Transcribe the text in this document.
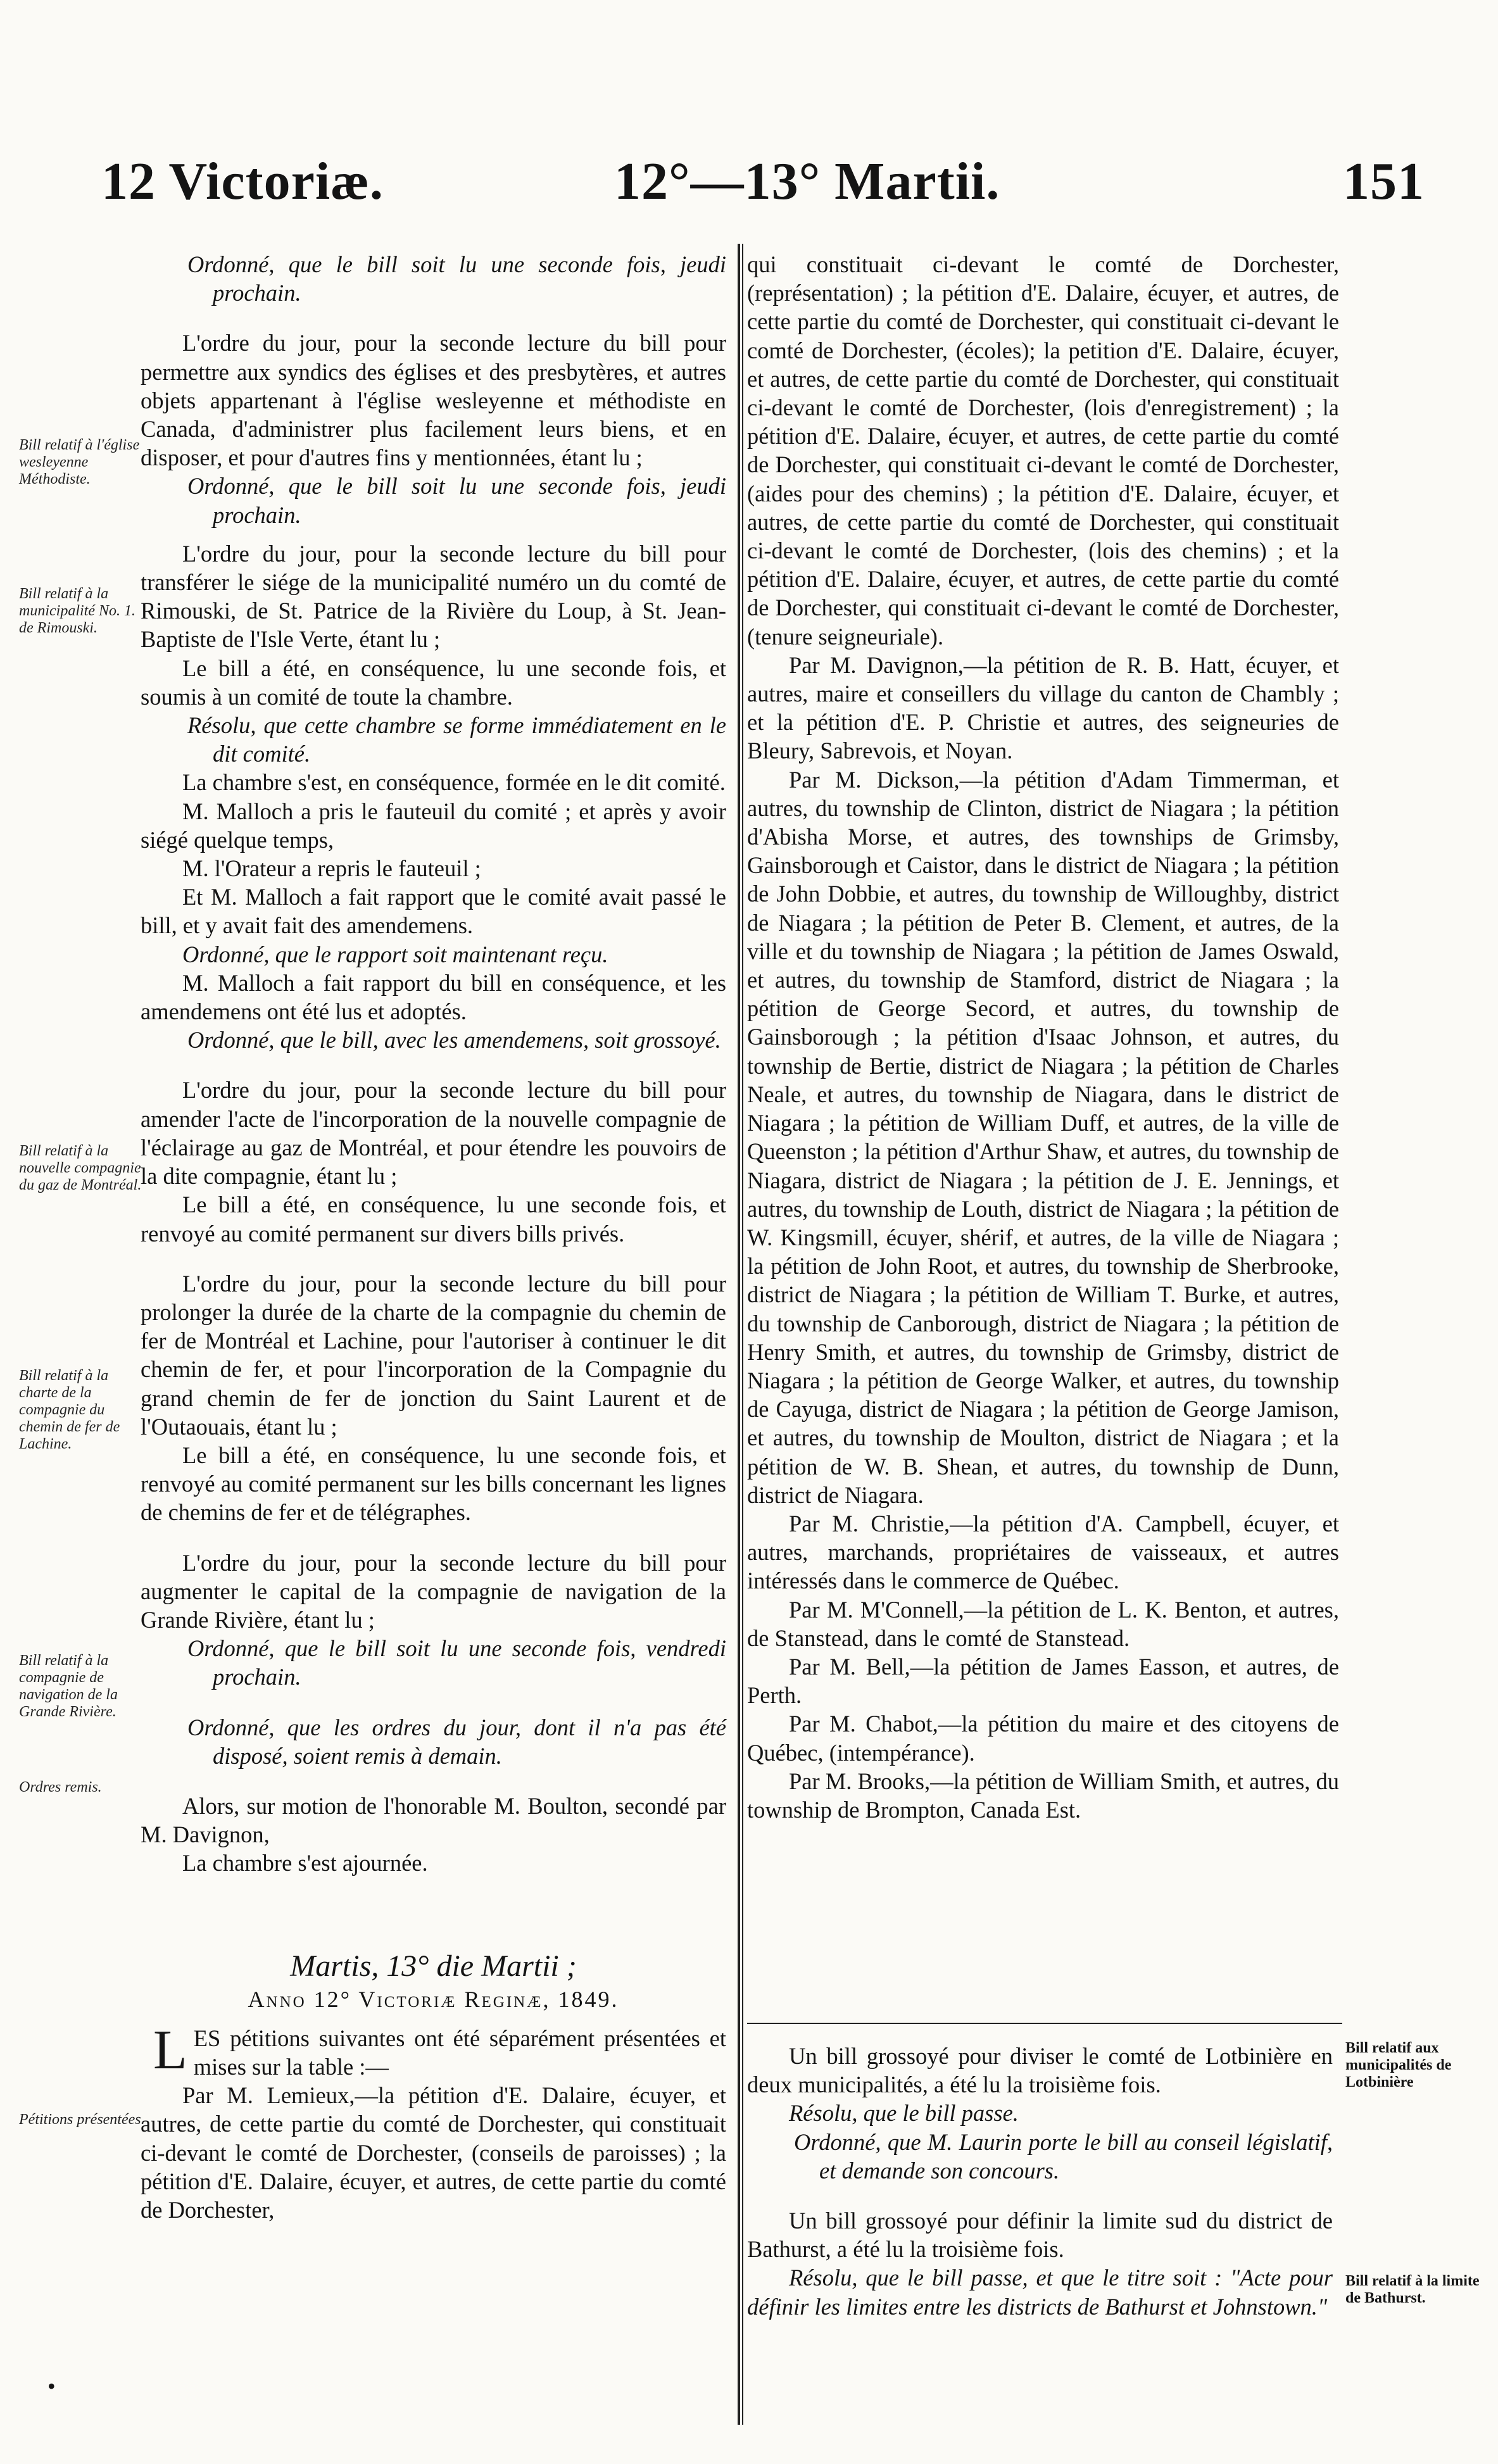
12 Victoriæ.	12°—13° Martii.	151
Bill relatif à l'église wesleyenne Méthodiste.
Bill relatif à la municipalité No. 1. de Rimouski.
Bill relatif à la nouvelle compagnie du gaz de Montréal.
Bill relatif à la charte de la compagnie du chemin de fer de Lachine.
Bill relatif à la compagnie de navigation de la Grande Rivière.
Ordres remis.
Pétitions présentées.
Bill relatif aux municipalités de Lotbinière
Bill relatif à la limite de Bathurst.

Ordonné, que le bill soit lu une seconde fois, jeudi prochain.

L'ordre du jour, pour la seconde lecture du bill pour permettre aux syndics des églises et des presbytères, et autres objets appartenant à l'église wesleyenne et méthodiste en Canada, d'administrer plus facilement leurs biens, et en disposer, et pour d'autres fins y mentionnées, étant lu ;

Ordonné, que le bill soit lu une seconde fois, jeudi prochain.

L'ordre du jour, pour la seconde lecture du bill pour transférer le siége de la municipalité numéro un du comté de Rimouski, de St. Patrice de la Rivière du Loup, à St. Jean-Baptiste de l'Isle Verte, étant lu ;

Le bill a été, en conséquence, lu une seconde fois, et soumis à un comité de toute la chambre.

Résolu, que cette chambre se forme immédiatement en le dit comité.

La chambre s'est, en conséquence, formée en le dit comité.

M. Malloch a pris le fauteuil du comité ; et après y avoir siégé quelque temps,

M. l'Orateur a repris le fauteuil ;

Et M. Malloch a fait rapport que le comité avait passé le bill, et y avait fait des amendemens.

Ordonné, que le rapport soit maintenant reçu.

M. Malloch a fait rapport du bill en conséquence, et les amendemens ont été lus et adoptés.

Ordonné, que le bill, avec les amendemens, soit grossoyé.

L'ordre du jour, pour la seconde lecture du bill pour amender l'acte de l'incorporation de la nouvelle compagnie de l'éclairage au gaz de Montréal, et pour étendre les pouvoirs de la dite compagnie, étant lu ;

Le bill a été, en conséquence, lu une seconde fois, et renvoyé au comité permanent sur divers bills privés.

L'ordre du jour, pour la seconde lecture du bill pour prolonger la durée de la charte de la compagnie du chemin de fer de Montréal et Lachine, pour l'autoriser à continuer le dit chemin de fer, et pour l'incorporation de la Compagnie du grand chemin de fer de jonction du Saint Laurent et de l'Outaouais, étant lu ;

Le bill a été, en conséquence, lu une seconde fois, et renvoyé au comité permanent sur les bills concernant les lignes de chemins de fer et de télégraphes.

L'ordre du jour, pour la seconde lecture du bill pour augmenter le capital de la compagnie de navigation de la Grande Rivière, étant lu ;

Ordonné, que le bill soit lu une seconde fois, vendredi prochain.

Ordonné, que les ordres du jour, dont il n'a pas été disposé, soient remis à demain.

Alors, sur motion de l'honorable M. Boulton, secondé par M. Davignon,

La chambre s'est ajournée.

Martis, 13° die Martii ;

Anno 12° Victoriæ Reginæ, 1849.

L ES pétitions suivantes ont été séparément présentées et mises sur la table :—

Par M. Lemieux,—la pétition d'E. Dalaire, écuyer, et autres, de cette partie du comté de Dorchester, qui constituait ci-devant le comté de Dorchester, (conseils de paroisses) ; la pétition d'E. Dalaire, écuyer, et autres, de cette partie du comté de Dorchester,

•

qui constituait ci-devant le comté de Dorchester, (représentation) ; la pétition d'E. Dalaire, écuyer, et autres, de cette partie du comté de Dorchester, qui constituait ci-devant le comté de Dorchester, (écoles); la petition d'E. Dalaire, écuyer, et autres, de cette partie du comté de Dorchester, qui constituait ci-devant le comté de Dorchester, (lois d'enregistrement) ; la pétition d'E. Dalaire, écuyer, et autres, de cette partie du comté de Dorchester, qui constituait ci-devant le comté de Dorchester, (aides pour des chemins) ; la pétition d'E. Dalaire, écuyer, et autres, de cette partie du comté de Dorchester, qui constituait ci-devant le comté de Dorchester, (lois des chemins) ; et la pétition d'E. Dalaire, écuyer, et autres, de cette partie du comté de Dorchester, qui constituait ci-devant le comté de Dorchester, (tenure seigneuriale).

Par M. Davignon,—la pétition de R. B. Hatt, écuyer, et autres, maire et conseillers du village du canton de Chambly ; et la pétition d'E. P. Christie et autres, des seigneuries de Bleury, Sabrevois, et Noyan.

Par M. Dickson,—la pétition d'Adam Timmerman, et autres, du township de Clinton, district de Niagara ; la pétition d'Abisha Morse, et autres, des townships de Grimsby, Gainsborough et Caistor, dans le district de Niagara ; la pétition de John Dobbie, et autres, du township de Willoughby, district de Niagara ; la pétition de Peter B. Clement, et autres, de la ville et du township de Niagara ; la pétition de James Oswald, et autres, du township de Stamford, district de Niagara ; la pétition de George Secord, et autres, du township de Gainsborough ; la pétition d'Isaac Johnson, et autres, du township de Bertie, district de Niagara ; la pétition de Charles Neale, et autres, du township de Niagara, dans le district de Niagara ; la pétition de William Duff, et autres, de la ville de Queenston ; la pétition d'Arthur Shaw, et autres, du township de Niagara, district de Niagara ; la pétition de J. E. Jennings, et autres, du township de Louth, district de Niagara ; la pétition de W. Kingsmill, écuyer, shérif, et autres, de la ville de Niagara ; la pétition de John Root, et autres, du township de Sherbrooke, district de Niagara ; la pétition de William T. Burke, et autres, du township de Canborough, district de Niagara ; la pétition de Henry Smith, et autres, du township de Grimsby, district de Niagara ; la pétition de George Walker, et autres, du township de Cayuga, district de Niagara ; la pétition de George Jamison, et autres, du township de Moulton, district de Niagara ; et la pétition de W. B. Shean, et autres, du township de Dunn, district de Niagara.

Par M. Christie,—la pétition d'A. Campbell, écuyer, et autres, marchands, propriétaires de vaisseaux, et autres intéressés dans le commerce de Québec.

Par M. M'Connell,—la pétition de L. K. Benton, et autres, de Stanstead, dans le comté de Stanstead.

Par M. Bell,—la pétition de James Easson, et autres, de Perth.

Par M. Chabot,—la pétition du maire et des citoyens de Québec, (intempérance).

Par M. Brooks,—la pétition de William Smith, et autres, du township de Brompton, Canada Est.

Un bill grossoyé pour diviser le comté de Lotbinière en deux municipalités, a été lu la troisième fois.

Résolu, que le bill passe.

Ordonné, que M. Laurin porte le bill au conseil législatif, et demande son concours.

Un bill grossoyé pour définir la limite sud du district de Bathurst, a été lu la troisième fois.

Résolu, que le bill passe, et que le titre soit : "Acte pour définir les limites entre les districts de Bathurst et Johnstown."
